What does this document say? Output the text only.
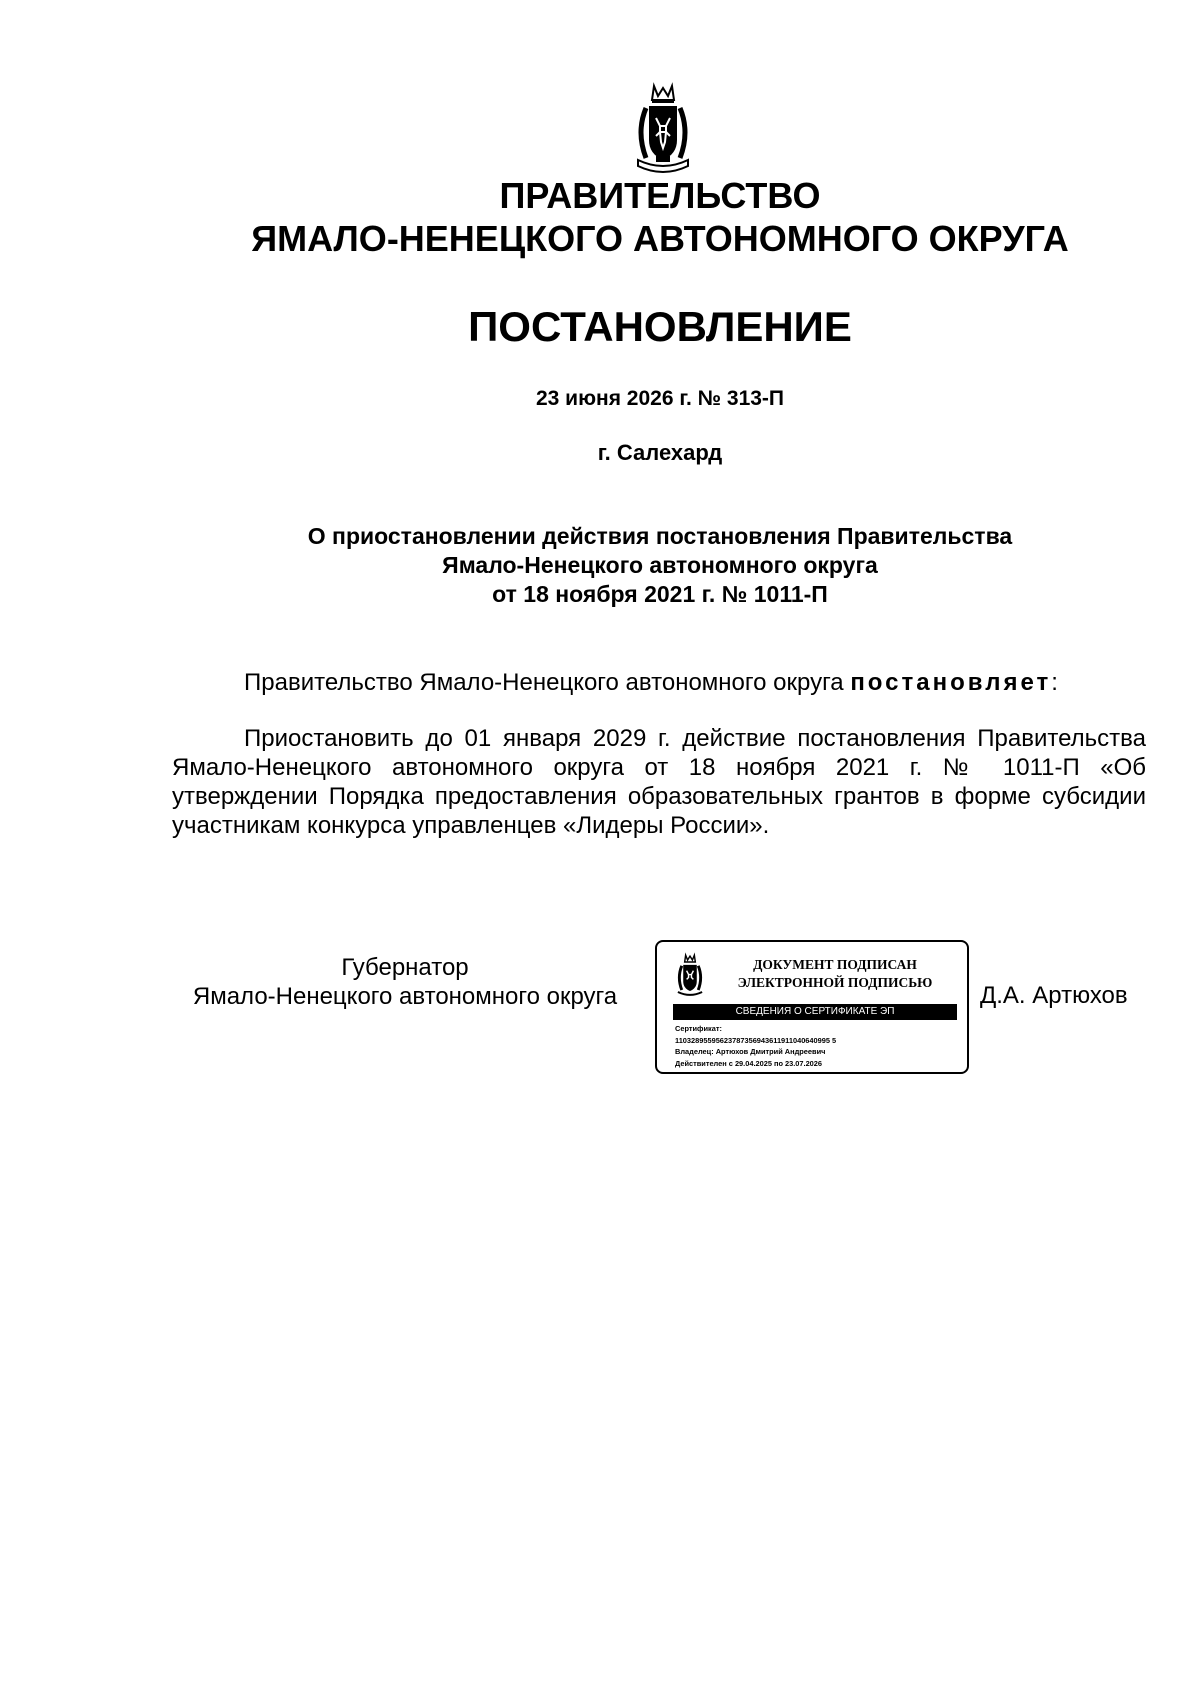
ПРАВИТЕЛЬСТВО
ЯМАЛО-НЕНЕЦКОГО АВТОНОМНОГО ОКРУГА
ПОСТАНОВЛЕНИЕ
23 июня 2026 г. № 313-П
г. Салехард
О приостановлении действия постановления Правительства
Ямало-Ненецкого автономного округа
от 18 ноября 2021 г. № 1011-П
Правительство Ямало-Ненецкого автономного округа постановляет:

Приостановить до 01 января 2029 г. действие постановления Правительства Ямало-Ненецкого автономного округа от 18 ноября 2021 г. № 1011-П «Об утверждении Порядка предоставления образовательных грантов в форме субсидии участникам конкурса управленцев «Лидеры России».

Губернатор
Ямало-Ненецкого автономного округа
ДОКУМЕНТ ПОДПИСАН
ЭЛЕКТРОННОЙ ПОДПИСЬЮ
СВЕДЕНИЯ О СЕРТИФИКАТЕ ЭП
Сертификат:
11032895595623787356943611911040640995 5
Владелец: Артюхов Дмитрий Андреевич
Действителен с 29.04.2025 по 23.07.2026
Д.А. Артюхов
